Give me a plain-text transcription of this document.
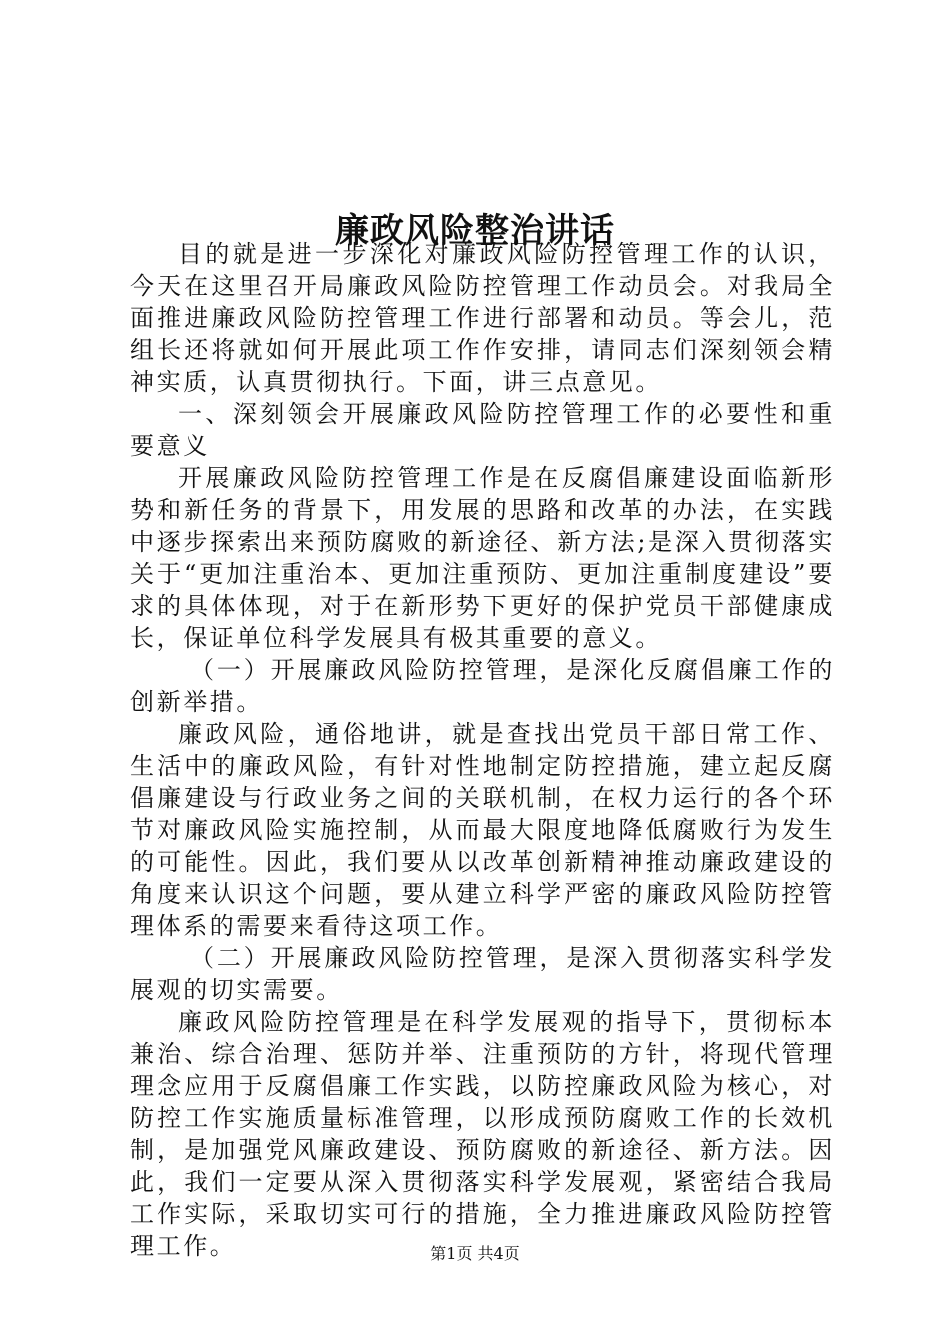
廉政风险整治讲话

目的就是进一步深化对廉政风险防控管理工作的认识，今天在这里召开局廉政风险防控管理工作动员会。对我局全面推进廉政风险防控管理工作进行部署和动员。等会儿，范组长还将就如何开展此项工作作安排，请同志们深刻领会精神实质，认真贯彻执行。下面，讲三点意见。

一、深刻领会开展廉政风险防控管理工作的必要性和重要意义

开展廉政风险防控管理工作是在反腐倡廉建设面临新形势和新任务的背景下，用发展的思路和改革的办法，在实践中逐步探索出来预防腐败的新途径、新方法;是深入贯彻落实关于“更加注重治本、更加注重预防、更加注重制度建设”要求的具体体现，对于在新形势下更好的保护党员干部健康成长，保证单位科学发展具有极其重要的意义。

（一）开展廉政风险防控管理，是深化反腐倡廉工作的创新举措。

廉政风险，通俗地讲，就是查找出党员干部日常工作、生活中的廉政风险，有针对性地制定防控措施，建立起反腐倡廉建设与行政业务之间的关联机制，在权力运行的各个环节对廉政风险实施控制，从而最大限度地降低腐败行为发生的可能性。因此，我们要从以改革创新精神推动廉政建设的角度来认识这个问题，要从建立科学严密的廉政风险防控管理体系的需要来看待这项工作。

（二）开展廉政风险防控管理，是深入贯彻落实科学发展观的切实需要。

廉政风险防控管理是在科学发展观的指导下，贯彻标本兼治、综合治理、惩防并举、注重预防的方针，将现代管理理念应用于反腐倡廉工作实践，以防控廉政风险为核心，对防控工作实施质量标准管理，以形成预防腐败工作的长效机制，是加强党风廉政建设、预防腐败的新途径、新方法。因此，我们一定要从深入贯彻落实科学发展观，紧密结合我局工作实际，采取切实可行的措施，全力推进廉政风险防控管理工作。	第1页 共4页
